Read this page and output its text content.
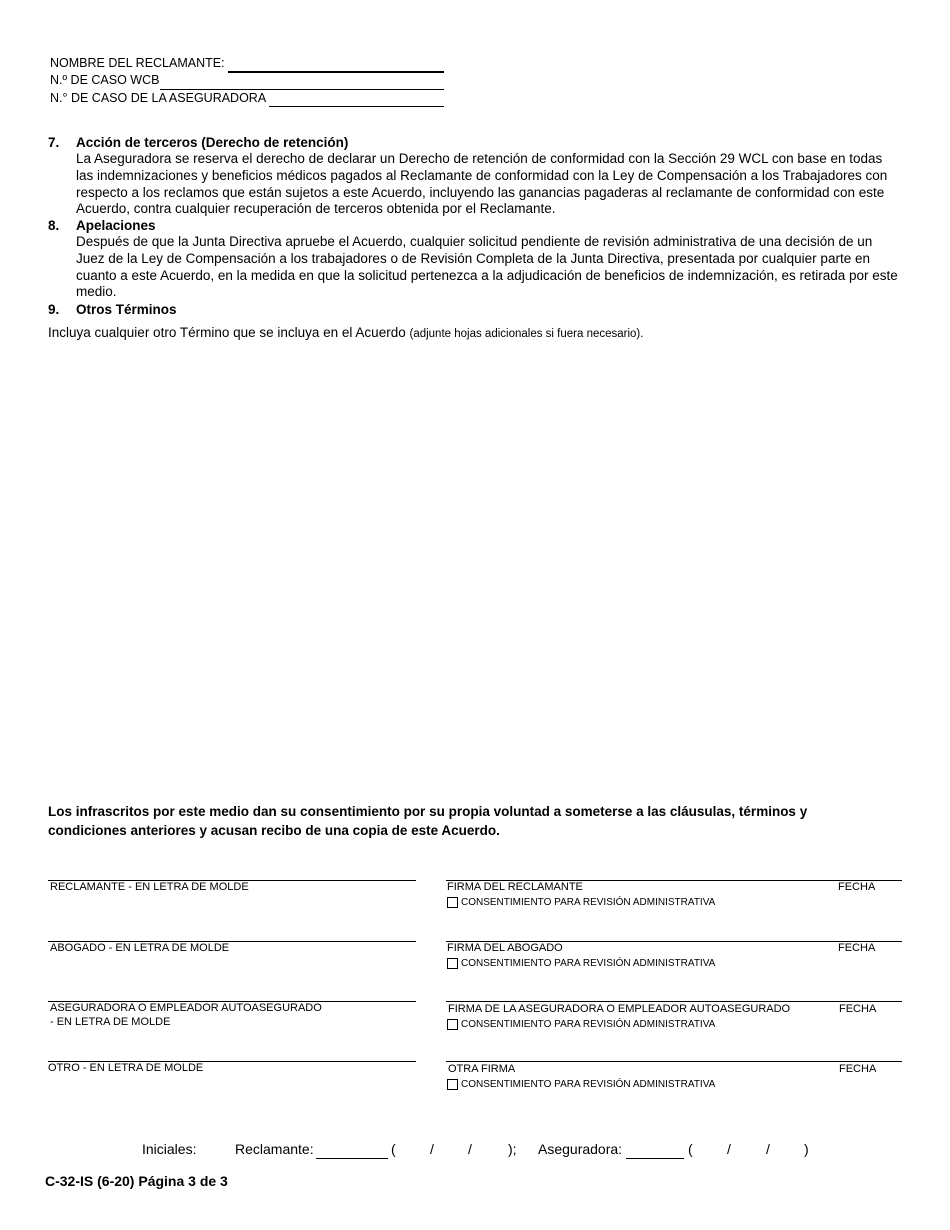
NOMBRE DEL RECLAMANTE:
N.º DE CASO WCB
N.° DE CASO DE LA ASEGURADORA
7. Acción de terceros (Derecho de retención)
La Aseguradora se reserva el derecho de declarar un Derecho de retención de conformidad con la Sección 29 WCL con base en todas las indemnizaciones y beneficios médicos pagados al Reclamante de conformidad con la Ley de Compensación a los Trabajadores con respecto a los reclamos que están sujetos a este Acuerdo, incluyendo las ganancias pagaderas al reclamante de conformidad con este Acuerdo, contra cualquier recuperación de terceros obtenida por el Reclamante.
8. Apelaciones
Después de que la Junta Directiva apruebe el Acuerdo, cualquier solicitud pendiente de revisión administrativa de una decisión de un Juez de la Ley de Compensación a los trabajadores o de Revisión Completa de la Junta Directiva, presentada por cualquier parte en cuanto a este Acuerdo, en la medida en que la solicitud pertenezca a la adjudicación de beneficios de indemnización, es retirada por este medio.
9. Otros Términos
Incluya cualquier otro Término que se incluya en el Acuerdo (adjunte hojas adicionales si fuera necesario).
Los infrascritos por este medio dan su consentimiento por su propia voluntad a someterse a las cláusulas, términos y condiciones anteriores y acusan recibo de una copia de este Acuerdo.
RECLAMANTE - EN LETRA DE MOLDE	FIRMA DEL RECLAMANTE	FECHA
CONSENTIMIENTO PARA REVISIÓN ADMINISTRATIVA
ABOGADO - EN LETRA DE MOLDE	FIRMA DEL ABOGADO	FECHA
CONSENTIMIENTO PARA REVISIÓN ADMINISTRATIVA
ASEGURADORA O EMPLEADOR AUTOASEGURADO
- EN LETRA DE MOLDE
FIRMA DE LA ASEGURADORA O EMPLEADOR AUTOASEGURADO	FECHA
CONSENTIMIENTO PARA REVISIÓN ADMINISTRATIVA
OTRO - EN LETRA DE MOLDE	OTRA FIRMA	FECHA
CONSENTIMIENTO PARA REVISIÓN ADMINISTRATIVA
Iniciales:	Reclamante:	( / /	); Aseguradora:	( /	/ )
C-32-IS (6-20) Página 3 de 3
